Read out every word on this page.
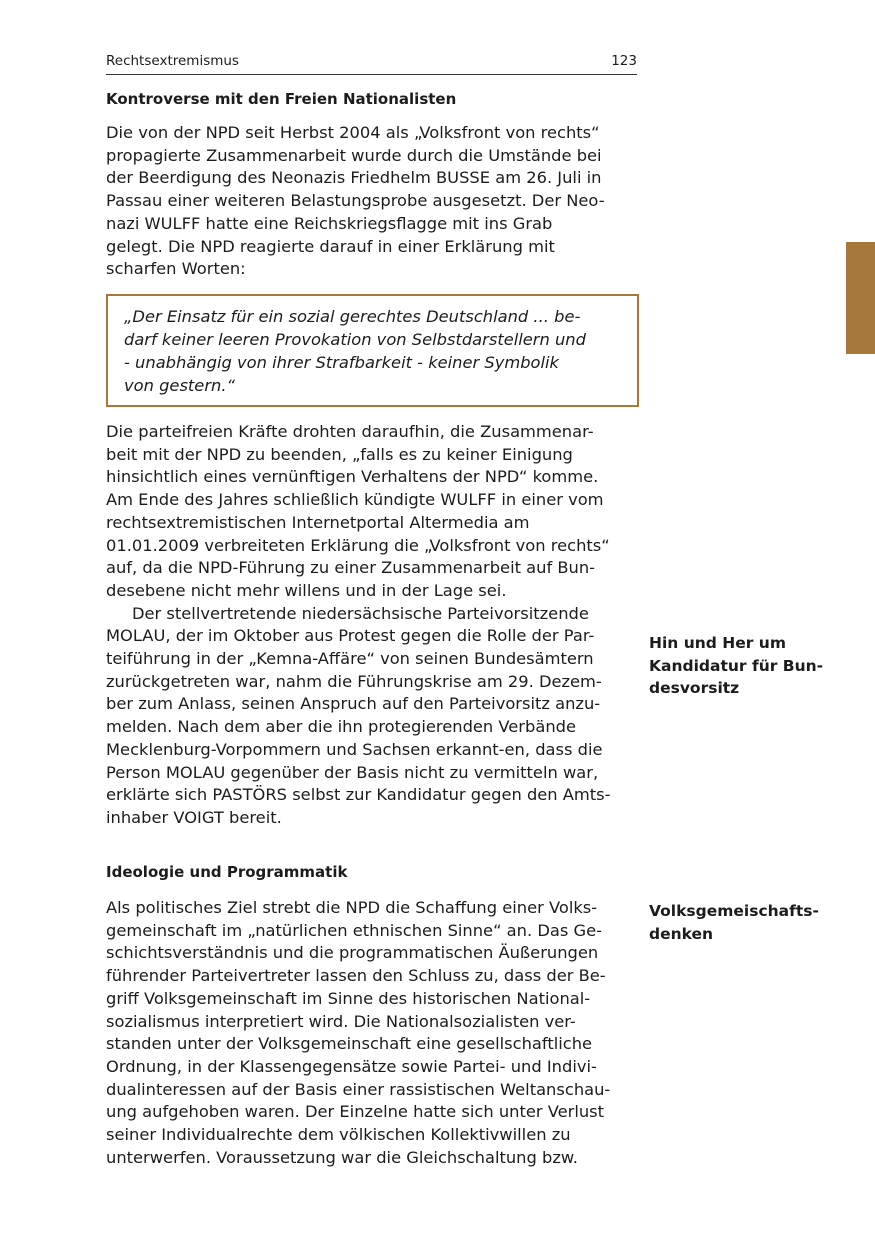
Rechtsextremismus	123
Kontroverse mit den Freien Nationalisten
Die von der NPD seit Herbst 2004 als „Volksfront von rechts“
propagierte Zusammenarbeit wurde durch die Umstände bei
der Beerdigung des Neonazis Friedhelm BUSSE am 26. Juli in
Passau einer weiteren Belastungsprobe ausgesetzt. Der Neo-
nazi WULFF hatte eine Reichskriegsflagge mit ins Grab
gelegt. Die NPD reagierte darauf in einer Erklärung mit
scharfen Worten:
„Der Einsatz für ein sozial gerechtes Deutschland ... be-
darf keiner leeren Provokation von Selbstdarstellern und
- unabhängig von ihrer Strafbarkeit - keiner Symbolik
von gestern.“
Die parteifreien Kräfte drohten daraufhin, die Zusammenar-
beit mit der NPD zu beenden, „falls es zu keiner Einigung
hinsichtlich eines vernünftigen Verhaltens der NPD“ komme.
Am Ende des Jahres schließlich kündigte WULFF in einer vom
rechtsextremistischen Internetportal Altermedia am
01.01.2009 verbreiteten Erklärung die „Volksfront von rechts“
auf, da die NPD-Führung zu einer Zusammenarbeit auf Bun-
desebene nicht mehr willens und in der Lage sei.
Der stellvertretende niedersächsische Parteivorsitzende
MOLAU, der im Oktober aus Protest gegen die Rolle der Par-
teiführung in der „Kemna-Affäre“ von seinen Bundesämtern
zurückgetreten war, nahm die Führungskrise am 29. Dezem-
ber zum Anlass, seinen Anspruch auf den Parteivorsitz anzu-
melden. Nach dem aber die ihn protegierenden Verbände
Mecklenburg-Vorpommern und Sachsen erkannt-en, dass die
Person MOLAU gegenüber der Basis nicht zu vermitteln war,
erklärte sich PASTÖRS selbst zur Kandidatur gegen den Amts-
inhaber VOIGT bereit.
Hin und Her um
Kandidatur für Bun-
desvorsitz
Ideologie und Programmatik
Als politisches Ziel strebt die NPD die Schaffung einer Volks-
gemeinschaft im „natürlichen ethnischen Sinne“ an. Das Ge-
schichtsverständnis und die programmatischen Äußerungen
führender Parteivertreter lassen den Schluss zu, dass der Be-
griff Volksgemeinschaft im Sinne des historischen National-
sozialismus interpretiert wird. Die Nationalsozialisten ver-
standen unter der Volksgemeinschaft eine gesellschaftliche
Ordnung, in der Klassengegensätze sowie Partei- und Indivi-
dualinteressen auf der Basis einer rassistischen Weltanschau-
ung aufgehoben waren. Der Einzelne hatte sich unter Verlust
seiner Individualrechte dem völkischen Kollektivwillen zu
unterwerfen. Voraussetzung war die Gleichschaltung bzw.
Volksgemeischafts-
denken
